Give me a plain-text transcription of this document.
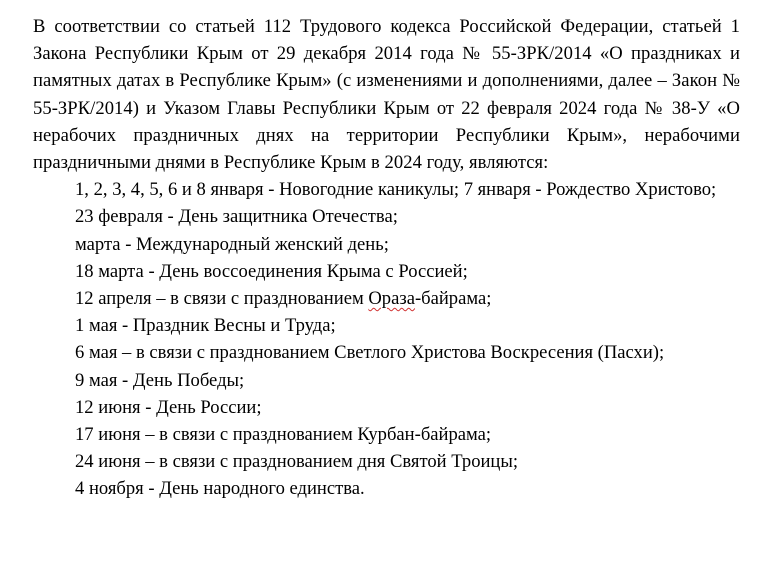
В соответствии со статьей 112 Трудового кодекса Российской Федерации, статьей 1 Закона Республики Крым от 29 декабря 2014 года № 55-ЗРК/2014 «О праздниках и памятных датах в Республике Крым» (с изменениями и дополнениями, далее – Закон № 55-ЗРК/2014) и Указом Главы Республики Крым от 22 февраля 2024 года № 38-У «О нерабочих праздничных днях на территории Республики Крым», нерабочими праздничными днями в Республике Крым в 2024 году, являются:

1, 2, 3, 4, 5, 6 и 8 января - Новогодние каникулы; 7 января - Рождество Христово;
23 февраля - День защитника Отечества;
марта - Международный женский день;
18 марта - День воссоединения Крыма с Россией;
12 апреля – в связи с празднованием Ораза-байрама;
1 мая - Праздник Весны и Труда;
6 мая – в связи с празднованием Светлого Христова Воскресения (Пасхи);
9 мая - День Победы;
12 июня - День России;
17 июня – в связи с празднованием Курбан-байрама;
24 июня – в связи с празднованием дня Святой Троицы;
4 ноября - День народного единства.
